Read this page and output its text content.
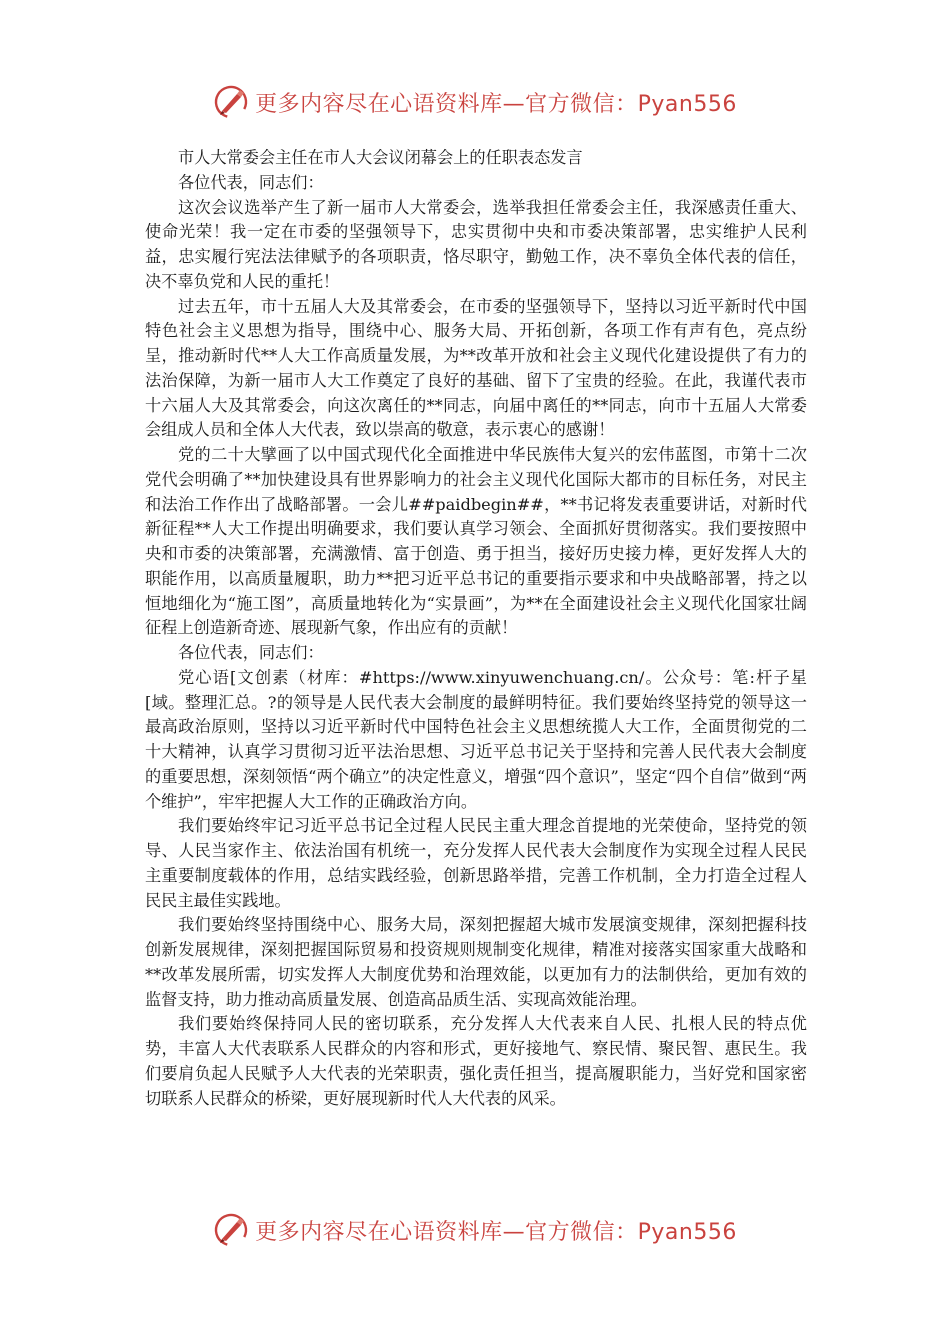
更多内容尽在心语资料库—官方微信：Pyan556

市人大常委会主任在市人大会议闭幕会上的任职表态发言

各位代表，同志们：

这次会议选举产生了新一届市人大常委会，选举我担任常委会主任，我深感责任重大、使命光荣！我一定在市委的坚强领导下，忠实贯彻中央和市委决策部署，忠实维护人民利益，忠实履行宪法法律赋予的各项职责，恪尽职守，勤勉工作，决不辜负全体代表的信任，决不辜负党和人民的重托！

过去五年，市十五届人大及其常委会，在市委的坚强领导下，坚持以习近平新时代中国特色社会主义思想为指导，围绕中心、服务大局、开拓创新，各项工作有声有色，亮点纷呈，推动新时代**人大工作高质量发展，为**改革开放和社会主义现代化建设提供了有力的法治保障，为新一届市人大工作奠定了良好的基础、留下了宝贵的经验。在此，我谨代表市十六届人大及其常委会，向这次离任的**同志，向届中离任的**同志，向市十五届人大常委会组成人员和全体人大代表，致以崇高的敬意，表示衷心的感谢！

党的二十大擘画了以中国式现代化全面推进中华民族伟大复兴的宏伟蓝图，市第十二次党代会明确了**加快建设具有世界影响力的社会主义现代化国际大都市的目标任务，对民主和法治工作作出了战略部署。一会儿##paidbegin##，**书记将发表重要讲话，对新时代新征程**人大工作提出明确要求，我们要认真学习领会、全面抓好贯彻落实。我们要按照中央和市委的决策部署，充满激情、富于创造、勇于担当，接好历史接力棒，更好发挥人大的职能作用，以高质量履职，助力**把习近平总书记的重要指示要求和中央战略部署，持之以恒地细化为“施工图”，高质量地转化为“实景画”，为**在全面建设社会主义现代化国家壮阔征程上创造新奇迹、展现新气象，作出应有的贡献！

各位代表，同志们：

党心语[文创素（材库：#https://www.xinyuwenchuang.cn/。公众号：笔:杆子星[域。整理汇总。?的领导是人民代表大会制度的最鲜明特征。我们要始终坚持党的领导这一最高政治原则，坚持以习近平新时代中国特色社会主义思想统揽人大工作，全面贯彻党的二十大精神，认真学习贯彻习近平法治思想、习近平总书记关于坚持和完善人民代表大会制度的重要思想，深刻领悟“两个确立”的决定性意义，增强“四个意识”，坚定“四个自信”做到“两个维护”，牢牢把握人大工作的正确政治方向。

我们要始终牢记习近平总书记全过程人民民主重大理念首提地的光荣使命，坚持党的领导、人民当家作主、依法治国有机统一，充分发挥人民代表大会制度作为实现全过程人民民主重要制度载体的作用，总结实践经验，创新思路举措，完善工作机制，全力打造全过程人民民主最佳实践地。

我们要始终坚持围绕中心、服务大局，深刻把握超大城市发展演变规律，深刻把握科技创新发展规律，深刻把握国际贸易和投资规则规制变化规律，精准对接落实国家重大战略和**改革发展所需，切实发挥人大制度优势和治理效能，以更加有力的法制供给，更加有效的监督支持，助力推动高质量发展、创造高品质生活、实现高效能治理。

我们要始终保持同人民的密切联系，充分发挥人大代表来自人民、扎根人民的特点优势，丰富人大代表联系人民群众的内容和形式，更好接地气、察民情、聚民智、惠民生。我们要肩负起人民赋予人大代表的光荣职责，强化责任担当，提高履职能力，当好党和国家密切联系人民群众的桥梁，更好展现新时代人大代表的风采。

更多内容尽在心语资料库—官方微信：Pyan556
